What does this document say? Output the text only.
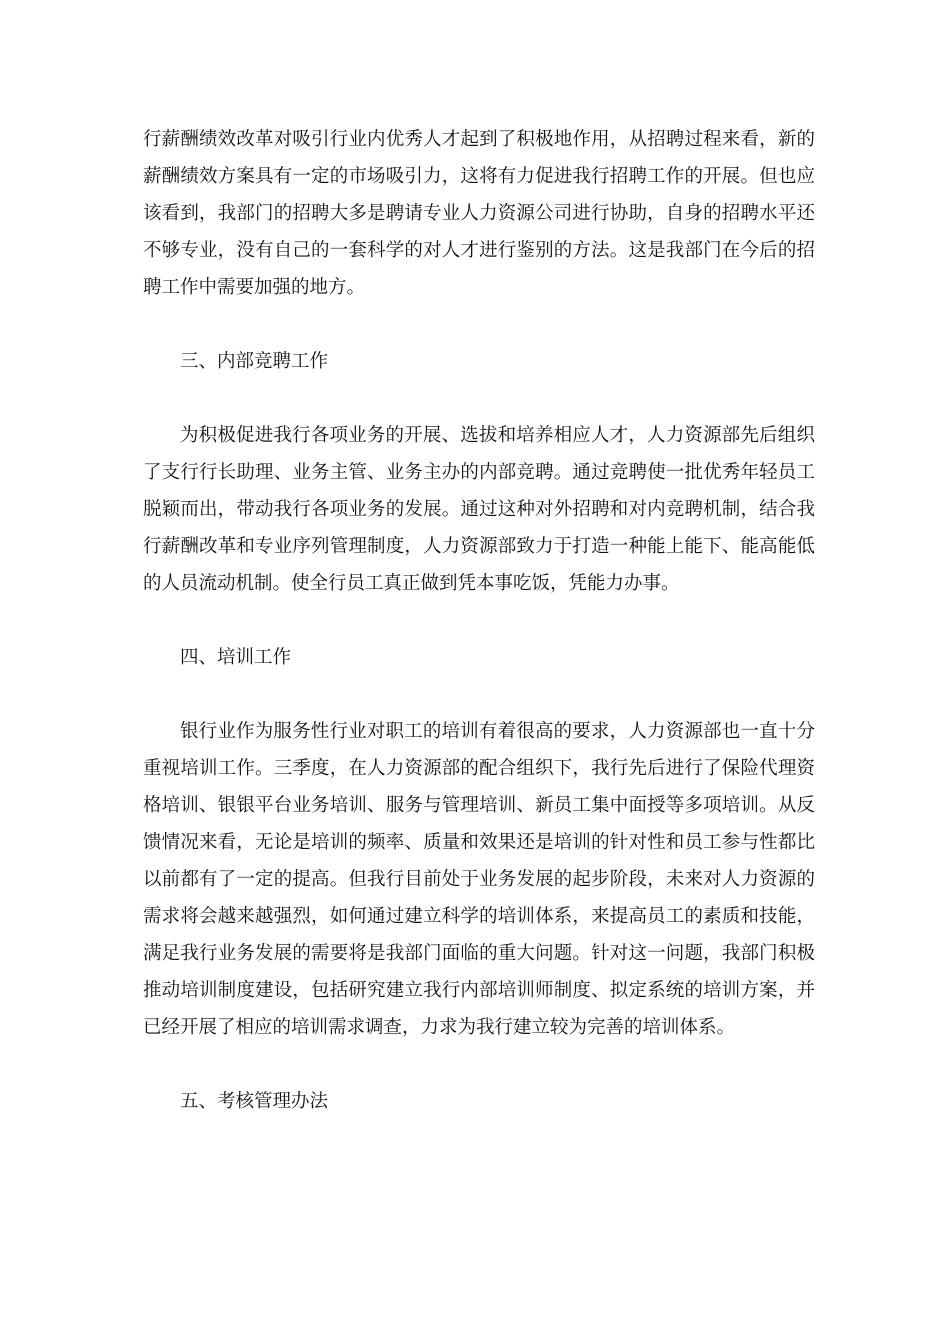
行薪酬绩效改革对吸引行业内优秀人才起到了积极地作用，从招聘过程来看，新的薪酬绩效方案具有一定的市场吸引力，这将有力促进我行招聘工作的开展。但也应该看到，我部门的招聘大多是聘请专业人力资源公司进行协助，自身的招聘水平还不够专业，没有自己的一套科学的对人才进行鉴别的方法。这是我部门在今后的招聘工作中需要加强的地方。

三、内部竞聘工作

为积极促进我行各项业务的开展、选拔和培养相应人才，人力资源部先后组织了支行行长助理、业务主管、业务主办的内部竞聘。通过竞聘使一批优秀年轻员工脱颖而出，带动我行各项业务的发展。通过这种对外招聘和对内竞聘机制，结合我行薪酬改革和专业序列管理制度，人力资源部致力于打造一种能上能下、能高能低的人员流动机制。使全行员工真正做到凭本事吃饭，凭能力办事。

四、培训工作

银行业作为服务性行业对职工的培训有着很高的要求，人力资源部也一直十分重视培训工作。三季度，在人力资源部的配合组织下，我行先后进行了保险代理资格培训、银银平台业务培训、服务与管理培训、新员工集中面授等多项培训。从反馈情况来看，无论是培训的频率、质量和效果还是培训的针对性和员工参与性都比以前都有了一定的提高。但我行目前处于业务发展的起步阶段，未来对人力资源的需求将会越来越强烈，如何通过建立科学的培训体系，来提高员工的素质和技能，满足我行业务发展的需要将是我部门面临的重大问题。针对这一问题，我部门积极推动培训制度建设，包括研究建立我行内部培训师制度、拟定系统的培训方案，并已经开展了相应的培训需求调查，力求为我行建立较为完善的培训体系。

五、考核管理办法
